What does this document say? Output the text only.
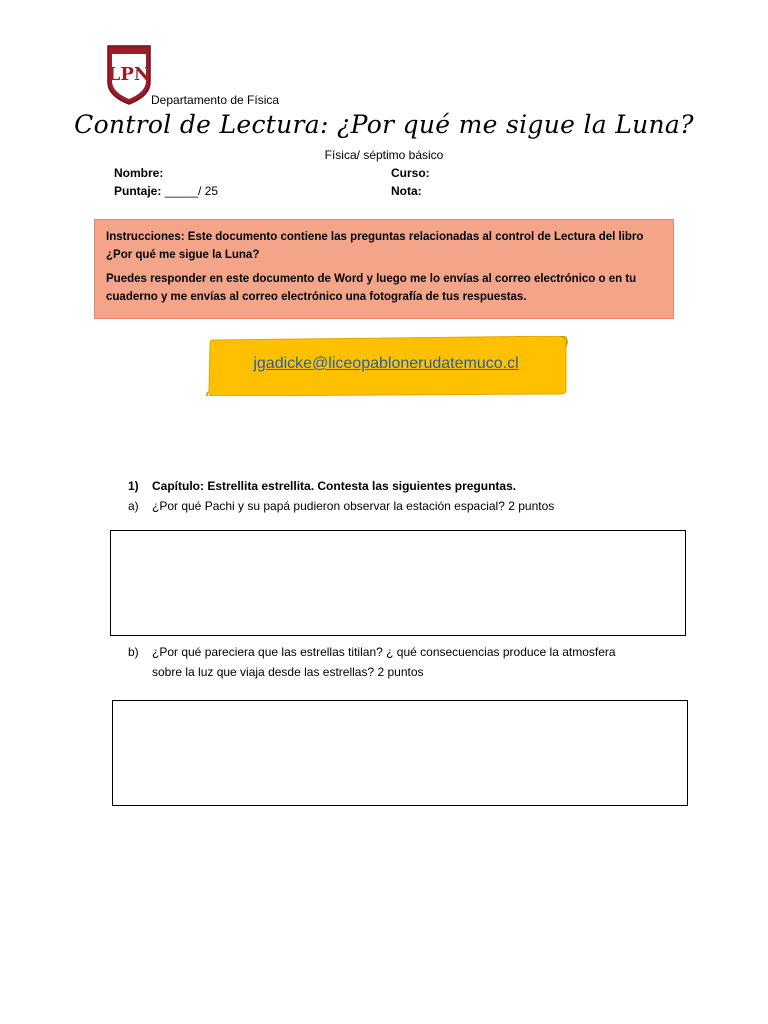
LPN
Departamento de Física
Control de Lectura: ¿Por qué me sigue la Luna?
Física/ séptimo básico
Nombre:
Puntaje: _____/ 25
Curso:
Nota:

Instrucciones: Este documento contiene las preguntas relacionadas al control de Lectura del libro ¿Por qué me sigue la Luna?

Puedes responder en este documento de Word y luego me lo envías al correo electrónico o en tu cuaderno y me envías al correo electrónico una fotografía de tus respuestas.

jgadicke@liceopablonerudatemuco.cl
1) Capítulo: Estrellita estrellita. Contesta las siguientes preguntas.
a) ¿Por qué Pachi y su papá pudieron observar la estación espacial? 2 puntos
b) ¿Por qué pareciera que las estrellas titilan? ¿ qué consecuencias produce la atmosfera
sobre la luz que viaja desde las estrellas? 2 puntos
